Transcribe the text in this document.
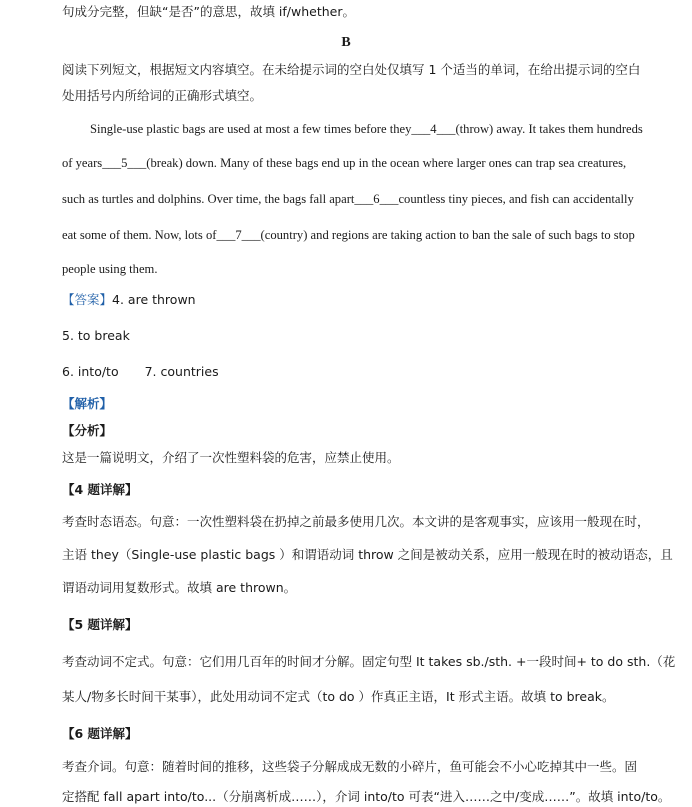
句成分完整，但缺“是否”的意思，故填 if/whether。
B
阅读下列短文，根据短文内容填空。在未给提示词的空白处仅填写 1 个适当的单词，在给出提示词的空白
处用括号内所给词的正确形式填空。
Single-use plastic bags are used at most a few times before they___4___(throw) away. It takes them hundreds
of years___5___(break) down. Many of these bags end up in the ocean where larger ones can trap sea creatures,
such as turtles and dolphins. Over time, the bags fall apart___6___countless tiny pieces, and fish can accidentally
eat some of them. Now, lots of___7___(country) and regions are taking action to ban the sale of such bags to stop
people using them.
【答案】4. are thrown
5. to break
6. into/to 7. countries
【解析】
【分析】
这是一篇说明文，介绍了一次性塑料袋的危害，应禁止使用。
【4 题详解】
考查时态语态。句意：一次性塑料袋在扔掉之前最多使用几次。本文讲的是客观事实，应该用一般现在时，
主语 they（Single-use plastic bags ）和谓语动词 throw 之间是被动关系，应用一般现在时的被动语态，且
谓语动词用复数形式。故填 are thrown。
【5 题详解】
考查动词不定式。句意：它们用几百年的时间才分解。固定句型 It takes sb./sth. +一段时间+ to do sth.（花
某人/物多长时间干某事），此处用动词不定式（to do ）作真正主语，It 形式主语。故填 to break。
【6 题详解】
考查介词。句意：随着时间的推移，这些袋子分解成成无数的小碎片，鱼可能会不小心吃掉其中一些。固
定搭配 fall apart into/to...（分崩离析成……），介词 into/to 可表“进入……之中/变成……”。故填 into/to。
